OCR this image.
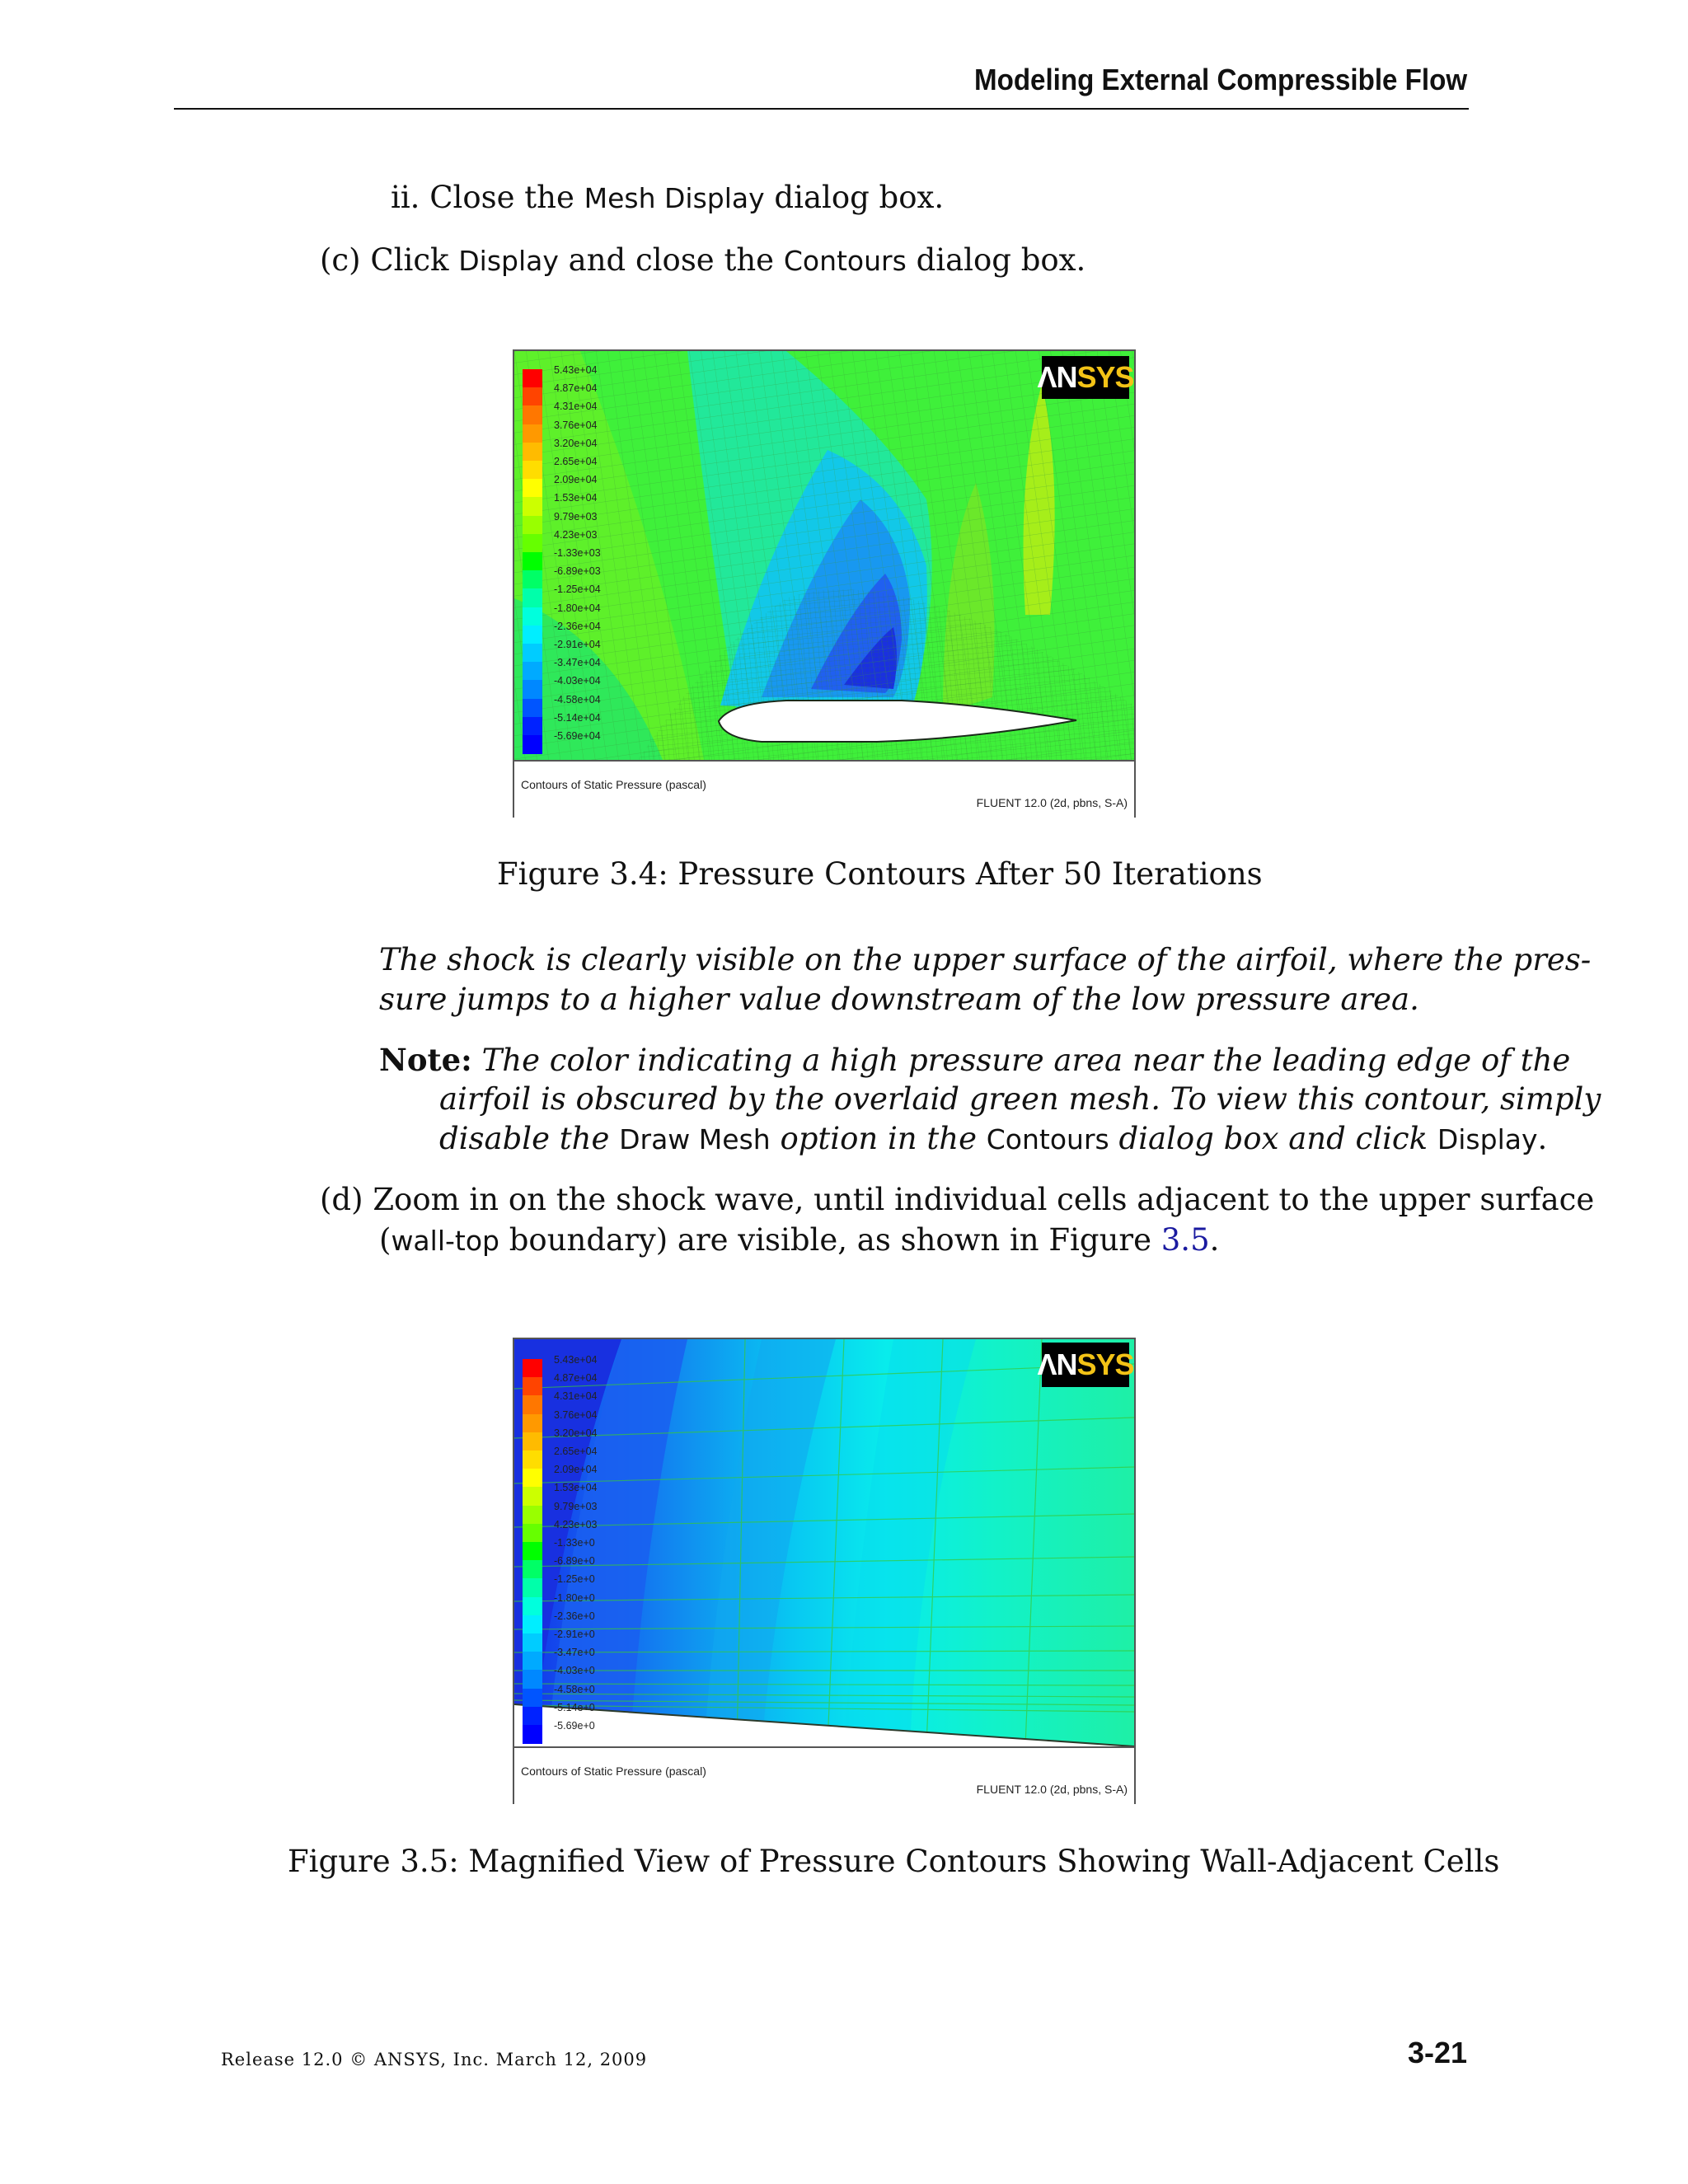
Modeling External Compressible Flow
ii. Close the Mesh Display dialog box.
(c) Click Display and close the Contours dialog box.
5.43e+04
4.87e+04
4.31e+04
3.76e+04
3.20e+04
2.65e+04
2.09e+04
1.53e+04
9.79e+03
4.23e+03
-1.33e+03
-6.89e+03
-1.25e+04
-1.80e+04
-2.36e+04
-2.91e+04
-3.47e+04
-4.03e+04
-4.58e+04
-5.14e+04
-5.69e+04
ΛN SYS
Contours of Static Pressure (pascal)
FLUENT 12.0 (2d, pbns, S-A)
Figure 3.4: Pressure Contours After 50 Iterations
The shock is clearly visible on the upper surface of the airfoil, where the pres-
sure jumps to a higher value downstream of the low pressure area.
Note: The color indicating a high pressure area near the leading edge of the
airfoil is obscured by the overlaid green mesh. To view this contour, simply
disable the Draw Mesh option in the Contours dialog box and click Display.
(d) Zoom in on the shock wave, until individual cells adjacent to the upper surface
(wall-top boundary) are visible, as shown in Figure 3.5.
5.43e+04
4.87e+04
4.31e+04
3.76e+04
3.20e+04
2.65e+04
2.09e+04
1.53e+04
9.79e+03
4.23e+03
-1.33e+0
-6.89e+0
-1.25e+0
-1.80e+0
-2.36e+0
-2.91e+0
-3.47e+0
-4.03e+0
-4.58e+0
-5.14e+0
-5.69e+0
ΛN SYS
Contours of Static Pressure (pascal)
FLUENT 12.0 (2d, pbns, S-A)
Figure 3.5: Magnified View of Pressure Contours Showing Wall-Adjacent Cells
Release 12.0 © ANSYS, Inc. March 12, 2009	3-21
